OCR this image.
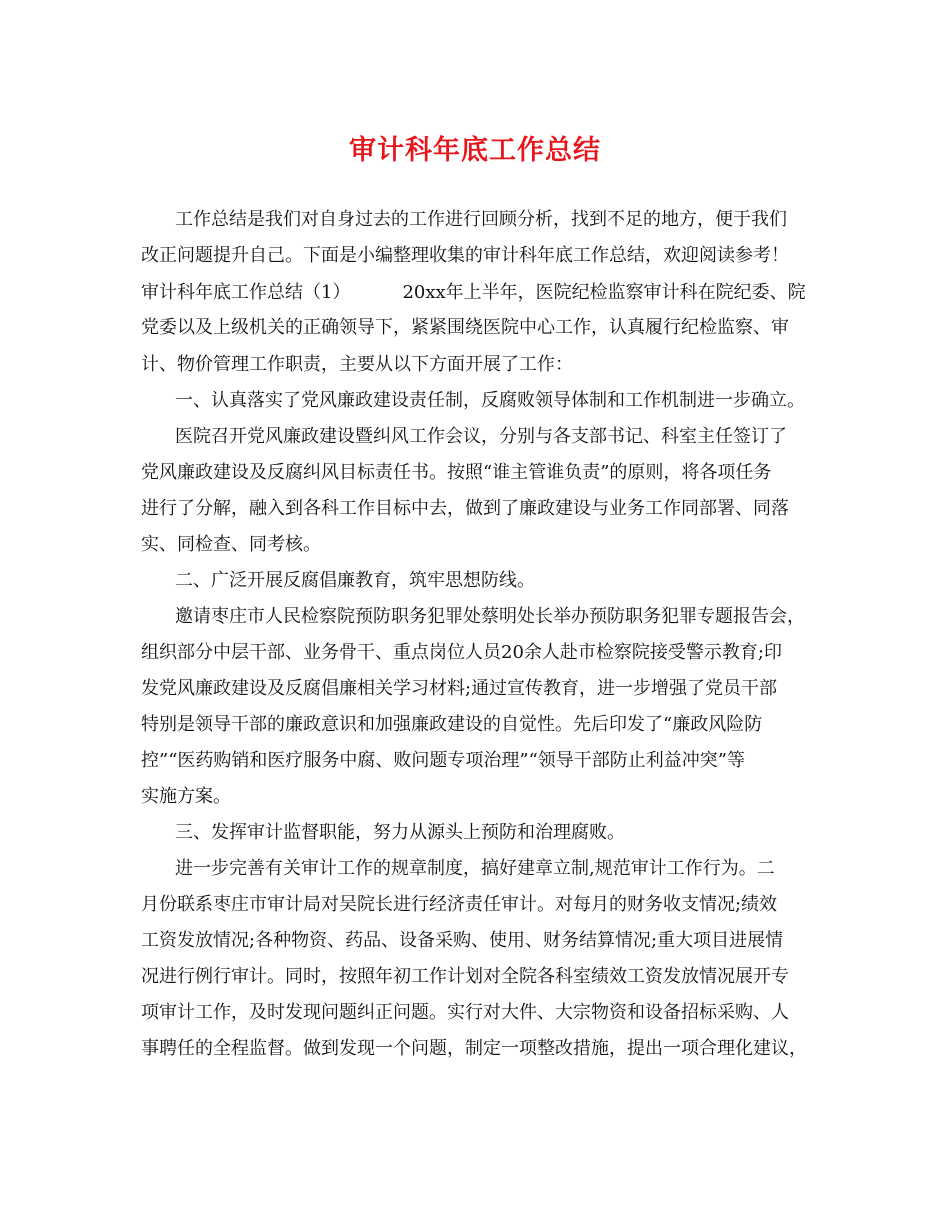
审计科年底工作总结
工作总结是我们对自身过去的工作进行回顾分析，找到不足的地方，便于我们
改正问题提升自己。下面是小编整理收集的审计科年底工作总结，欢迎阅读参考！
审计科年底工作总结（1）	20xx年上半年，医院纪检监察审计科在院纪委、院
党委以及上级机关的正确领导下，紧紧围绕医院中心工作，认真履行纪检监察、审
计、物价管理工作职责，主要从以下方面开展了工作：
一、认真落实了党风廉政建设责任制，反腐败领导体制和工作机制进一步确立。
医院召开党风廉政建设暨纠风工作会议，分别与各支部书记、科室主任签订了
党风廉政建设及反腐纠风目标责任书。按照“谁主管谁负责”的原则，将各项任务
进行了分解，融入到各科工作目标中去，做到了廉政建设与业务工作同部署、同落
实、同检查、同考核。
二、广泛开展反腐倡廉教育，筑牢思想防线。
邀请枣庄市人民检察院预防职务犯罪处蔡明处长举办预防职务犯罪专题报告会，
组织部分中层干部、业务骨干、重点岗位人员20余人赴市检察院接受警示教育;印
发党风廉政建设及反腐倡廉相关学习材料;通过宣传教育，进一步增强了党员干部
特别是领导干部的廉政意识和加强廉政建设的自觉性。先后印发了“廉政风险防
控”“医药购销和医疗服务中腐、败问题专项治理”“领导干部防止利益冲突”等
实施方案。
三、发挥审计监督职能，努力从源头上预防和治理腐败。
进一步完善有关审计工作的规章制度，搞好建章立制,规范审计工作行为。二
月份联系枣庄市审计局对吴院长进行经济责任审计。对每月的财务收支情况;绩效
工资发放情况;各种物资、药品、设备采购、使用、财务结算情况;重大项目进展情
况进行例行审计。同时，按照年初工作计划对全院各科室绩效工资发放情况展开专
项审计工作，及时发现问题纠正问题。实行对大件、大宗物资和设备招标采购、人
事聘任的全程监督。做到发现一个问题，制定一项整改措施，提出一项合理化建议，
